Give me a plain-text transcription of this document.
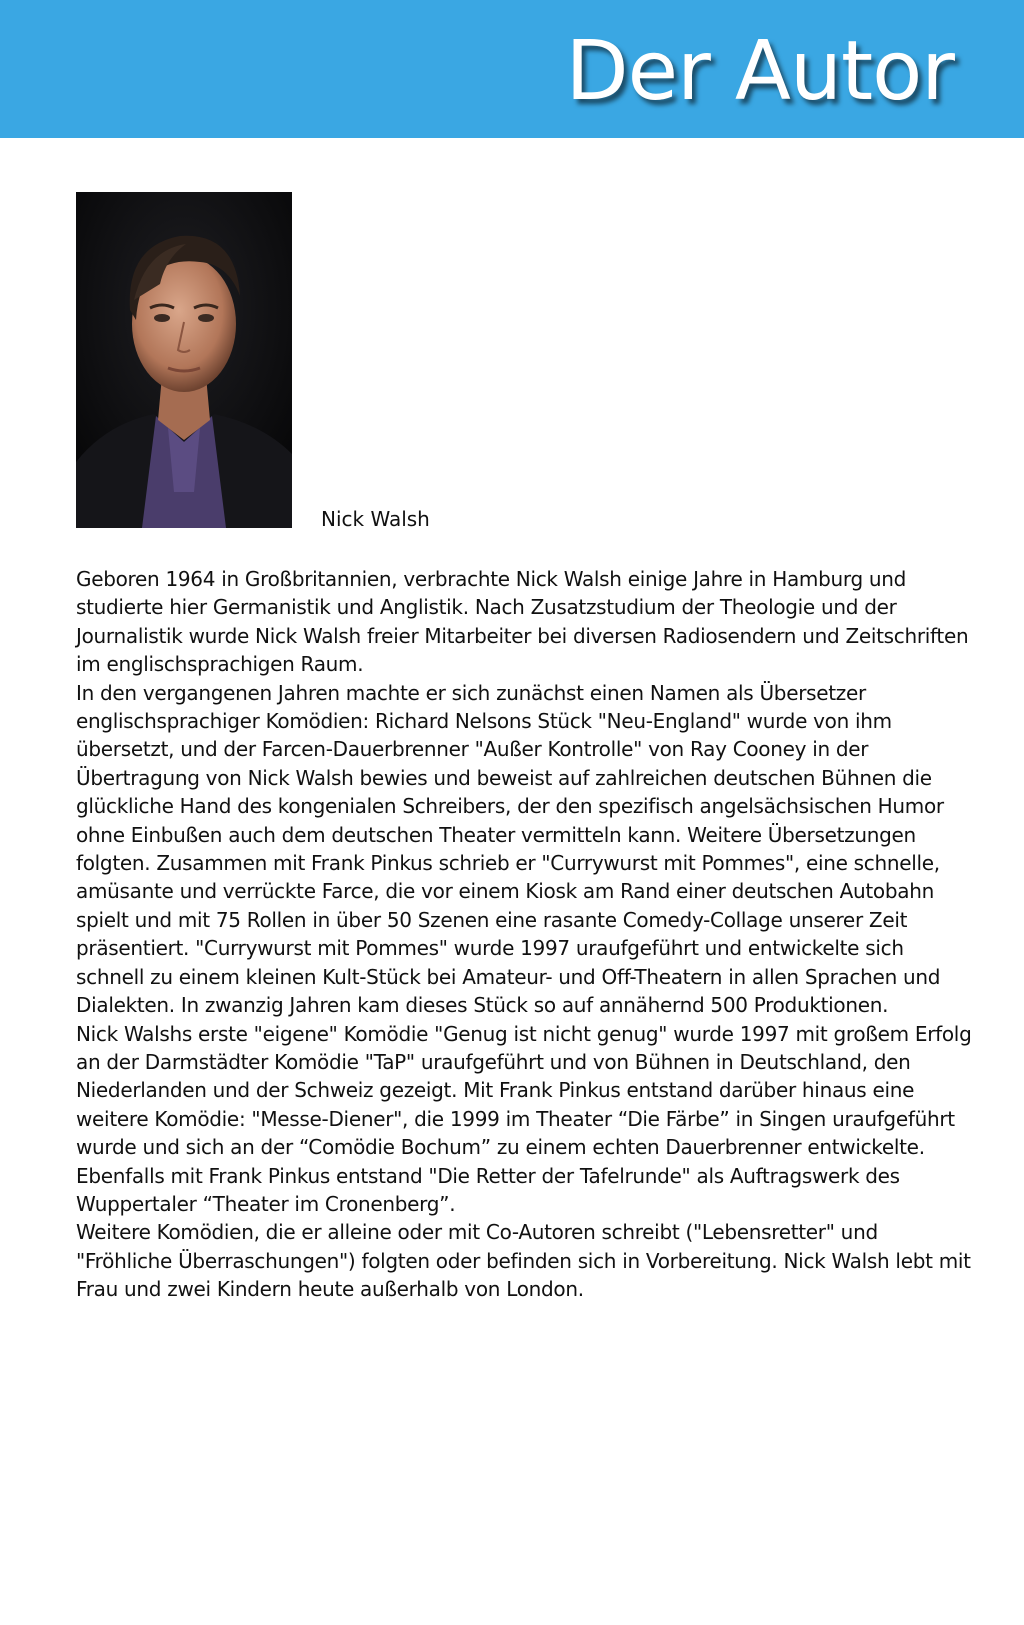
Der Autor
Nick Walsh

Geboren 1964 in Großbritannien, verbrachte Nick Walsh einige Jahre in Hamburg und studierte hier Germanistik und Anglistik. Nach Zusatzstudium der Theologie und der Journalistik wurde Nick Walsh freier Mitarbeiter bei diversen Radiosendern und Zeitschriften im englischsprachigen Raum.

In den vergangenen Jahren machte er sich zunächst einen Namen als Übersetzer englischsprachiger Komödien: Richard Nelsons Stück "Neu-England" wurde von ihm übersetzt, und der Farcen-Dauerbrenner "Außer Kontrolle" von Ray Cooney in der Übertragung von Nick Walsh bewies und beweist auf zahlreichen deutschen Bühnen die glückliche Hand des kongenialen Schreibers, der den spezifisch angelsächsischen Humor ohne Einbußen auch dem deutschen Theater vermitteln kann. Weitere Übersetzungen folgten. Zusammen mit Frank Pinkus schrieb er "Currywurst mit Pommes", eine schnelle, amüsante und verrückte Farce, die vor einem Kiosk am Rand einer deutschen Autobahn spielt und mit 75 Rollen in über 50 Szenen eine rasante Comedy-Collage unserer Zeit präsentiert. "Currywurst mit Pommes" wurde 1997 uraufgeführt und entwickelte sich schnell zu einem kleinen Kult-Stück bei Amateur- und Off-Theatern in allen Sprachen und Dialekten. In zwanzig Jahren kam dieses Stück so auf annähernd 500 Produktionen.

Nick Walshs erste "eigene" Komödie "Genug ist nicht genug" wurde 1997 mit großem Erfolg an der Darmstädter Komödie "TaP" uraufgeführt und von Bühnen in Deutschland, den Niederlanden und der Schweiz gezeigt. Mit Frank Pinkus entstand darüber hinaus eine weitere Komödie: "Messe-Diener", die 1999 im Theater “Die Färbe” in Singen uraufgeführt wurde und sich an der “Comödie Bochum” zu einem echten Dauerbrenner entwickelte. Ebenfalls mit Frank Pinkus entstand "Die Retter der Tafelrunde" als Auftragswerk des Wuppertaler “Theater im Cronenberg”.

Weitere Komödien, die er alleine oder mit Co-Autoren schreibt ("Lebensretter" und "Fröhliche Überraschungen") folgten oder befinden sich in Vorbereitung. Nick Walsh lebt mit Frau und zwei Kindern heute außerhalb von London.
